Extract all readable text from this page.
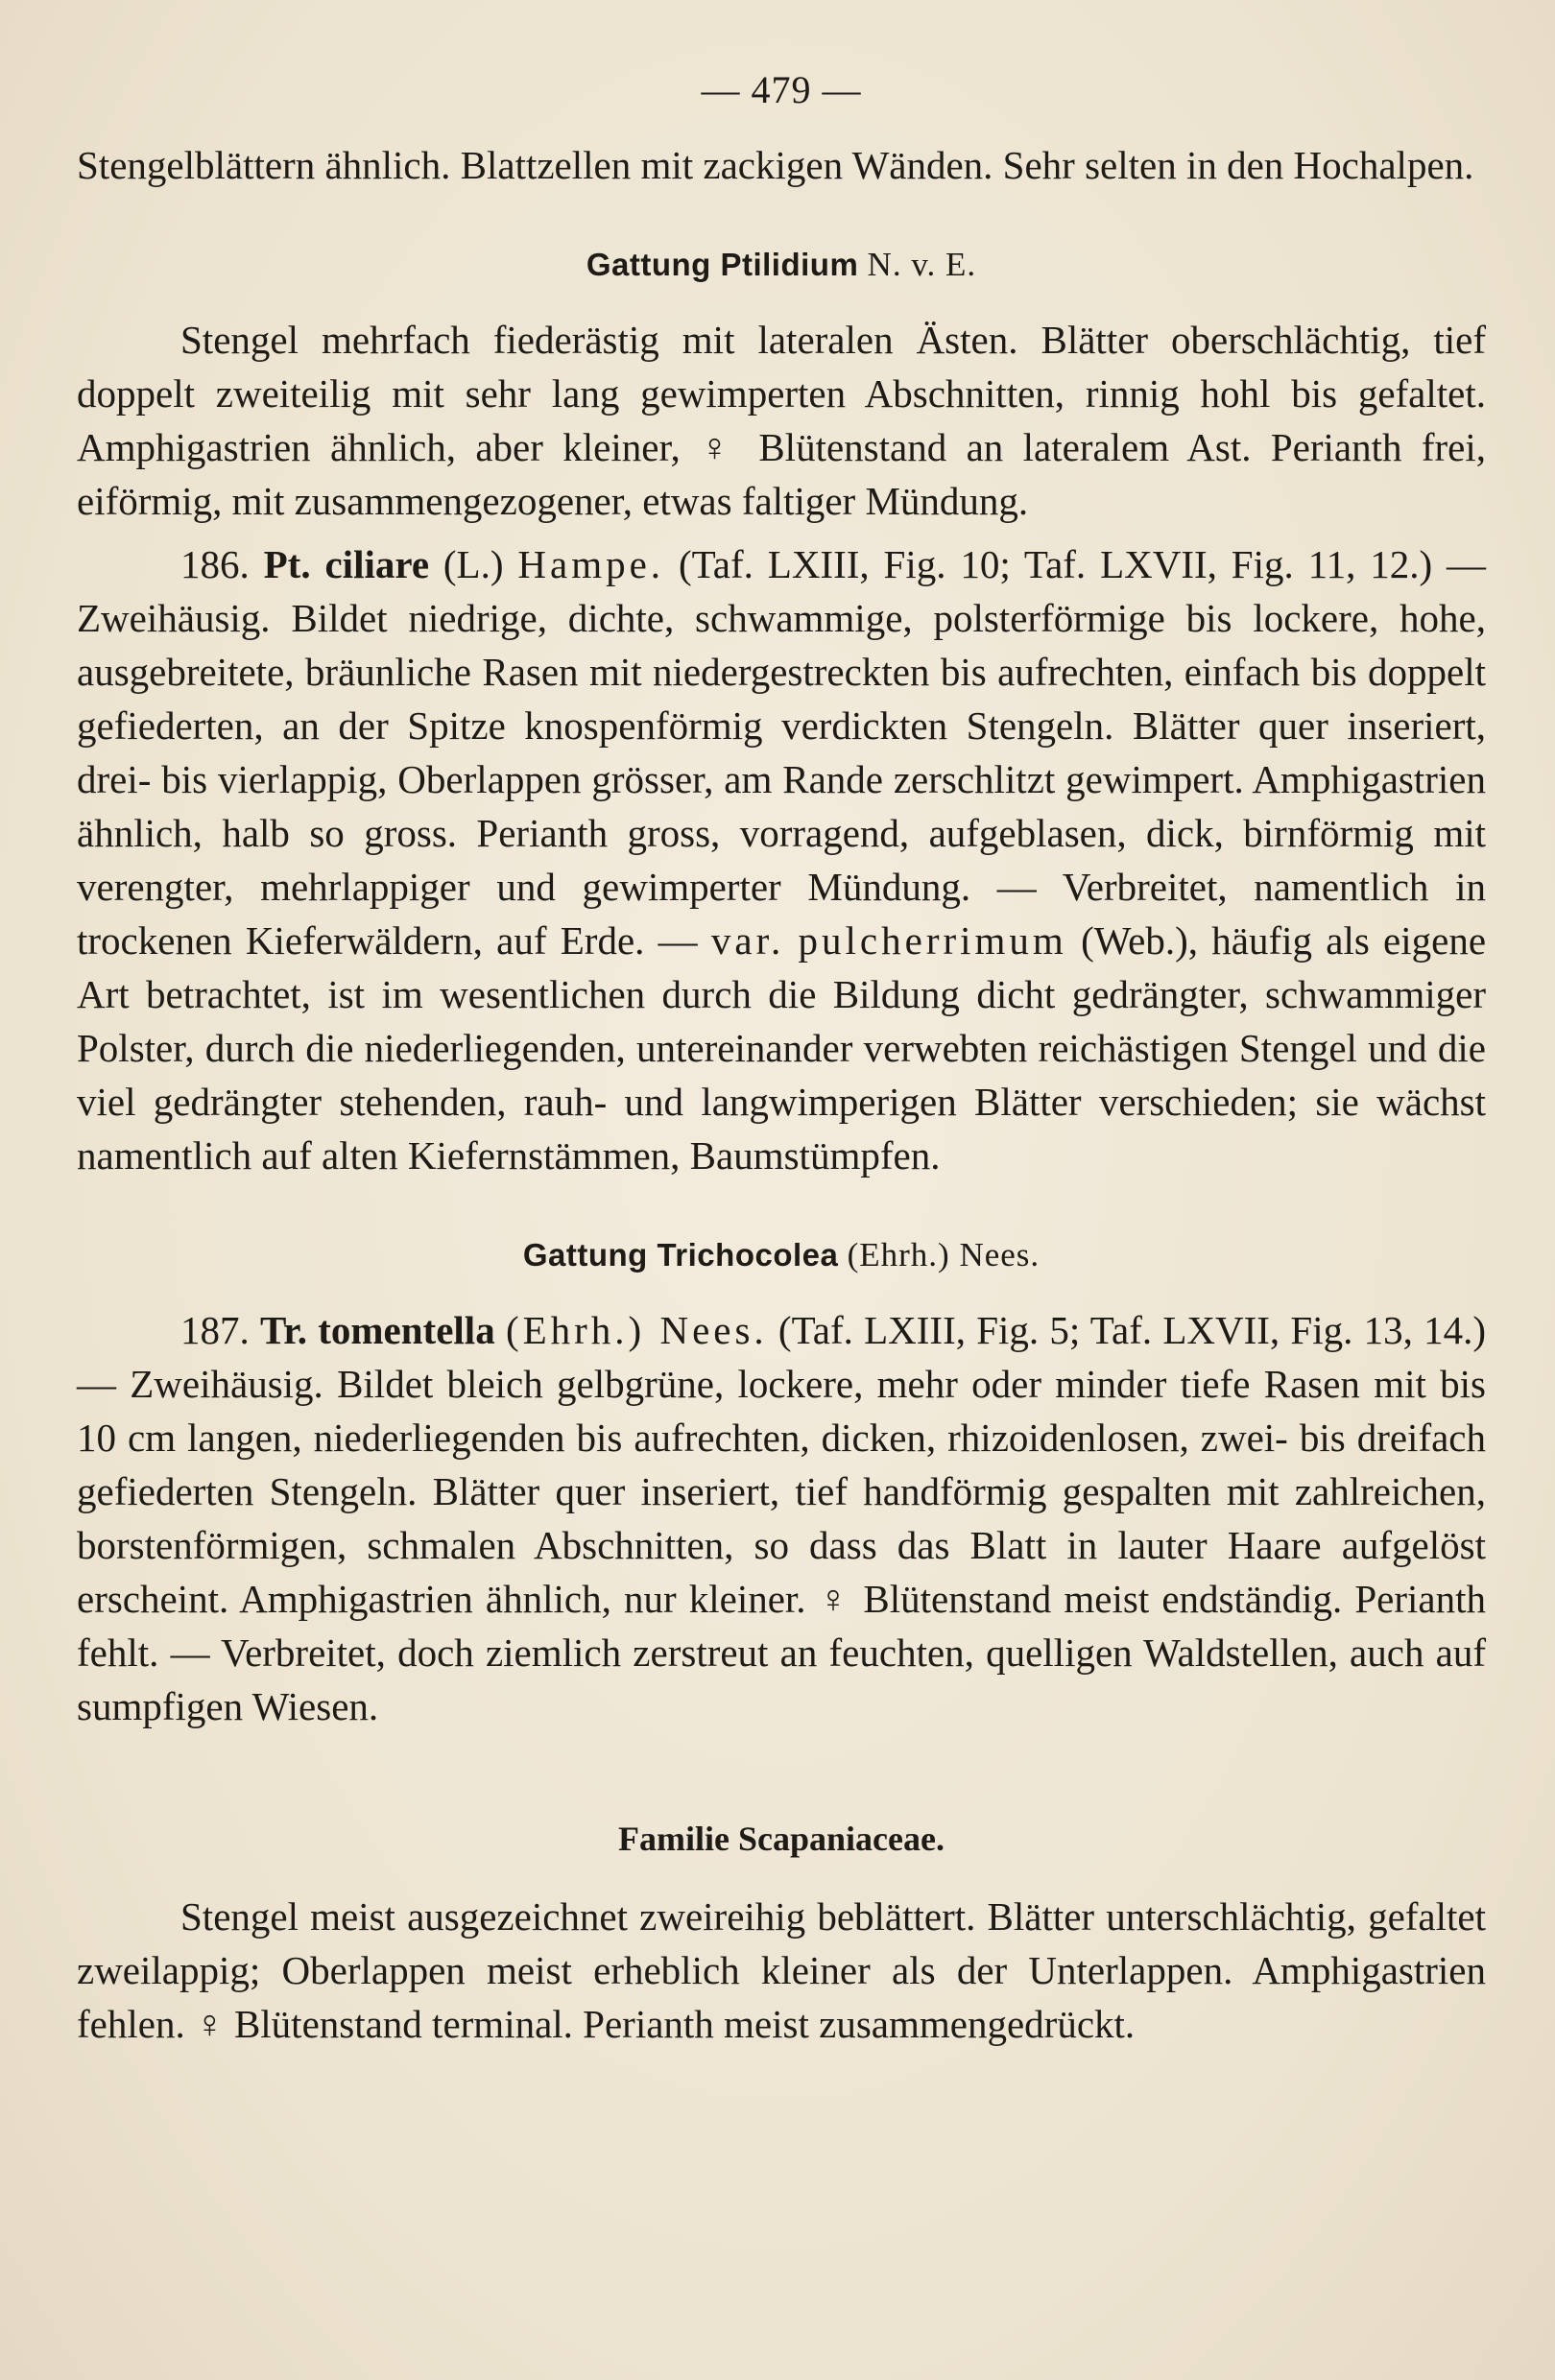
— 479 —

Stengelblättern ähnlich. Blattzellen mit zackigen Wänden. Sehr selten in den Hochalpen.

Gattung Ptilidium N. v. E.

Stengel mehrfach fiederästig mit lateralen Ästen. Blätter oberschlächtig, tief doppelt zweiteilig mit sehr lang gewimperten Abschnitten, rinnig hohl bis gefaltet. Amphigastrien ähnlich, aber kleiner, ♀ Blütenstand an lateralem Ast. Perianth frei, eiförmig, mit zusammengezogener, etwas faltiger Mündung.

186. Pt. ciliare (L.) Hampe. (Taf. LXIII, Fig. 10; Taf. LXVII, Fig. 11, 12.) — Zweihäusig. Bildet niedrige, dichte, schwammige, polsterförmige bis lockere, hohe, ausgebreitete, bräunliche Rasen mit niedergestreckten bis aufrechten, einfach bis doppelt gefiederten, an der Spitze knospenförmig verdickten Stengeln. Blätter quer inseriert, drei- bis vierlappig, Oberlappen grösser, am Rande zerschlitzt gewimpert. Amphigastrien ähnlich, halb so gross. Perianth gross, vorragend, aufgeblasen, dick, birnförmig mit verengter, mehrlappiger und gewimperter Mündung. — Verbreitet, namentlich in trockenen Kieferwäldern, auf Erde. — var. pulcherrimum (Web.), häufig als eigene Art betrachtet, ist im wesentlichen durch die Bildung dicht gedrängter, schwammiger Polster, durch die niederliegenden, untereinander verwebten reichästigen Stengel und die viel gedrängter stehenden, rauh- und langwimperigen Blätter verschieden; sie wächst namentlich auf alten Kiefernstämmen, Baumstümpfen.

Gattung Trichocolea (Ehrh.) Nees.

187. Tr. tomentella (Ehrh.) Nees. (Taf. LXIII, Fig. 5; Taf. LXVII, Fig. 13, 14.) — Zweihäusig. Bildet bleich gelbgrüne, lockere, mehr oder minder tiefe Rasen mit bis 10 cm langen, niederliegenden bis aufrechten, dicken, rhizoidenlosen, zwei- bis dreifach gefiederten Stengeln. Blätter quer inseriert, tief handförmig gespalten mit zahlreichen, borstenförmigen, schmalen Abschnitten, so dass das Blatt in lauter Haare aufgelöst erscheint. Amphigastrien ähnlich, nur kleiner. ♀ Blütenstand meist endständig. Perianth fehlt. — Verbreitet, doch ziemlich zerstreut an feuchten, quelligen Waldstellen, auch auf sumpfigen Wiesen.

Familie Scapaniaceae.

Stengel meist ausgezeichnet zweireihig beblättert. Blätter unterschlächtig, gefaltet zweilappig; Oberlappen meist erheblich kleiner als der Unterlappen. Amphigastrien fehlen. ♀ Blütenstand terminal. Perianth meist zusammengedrückt.
